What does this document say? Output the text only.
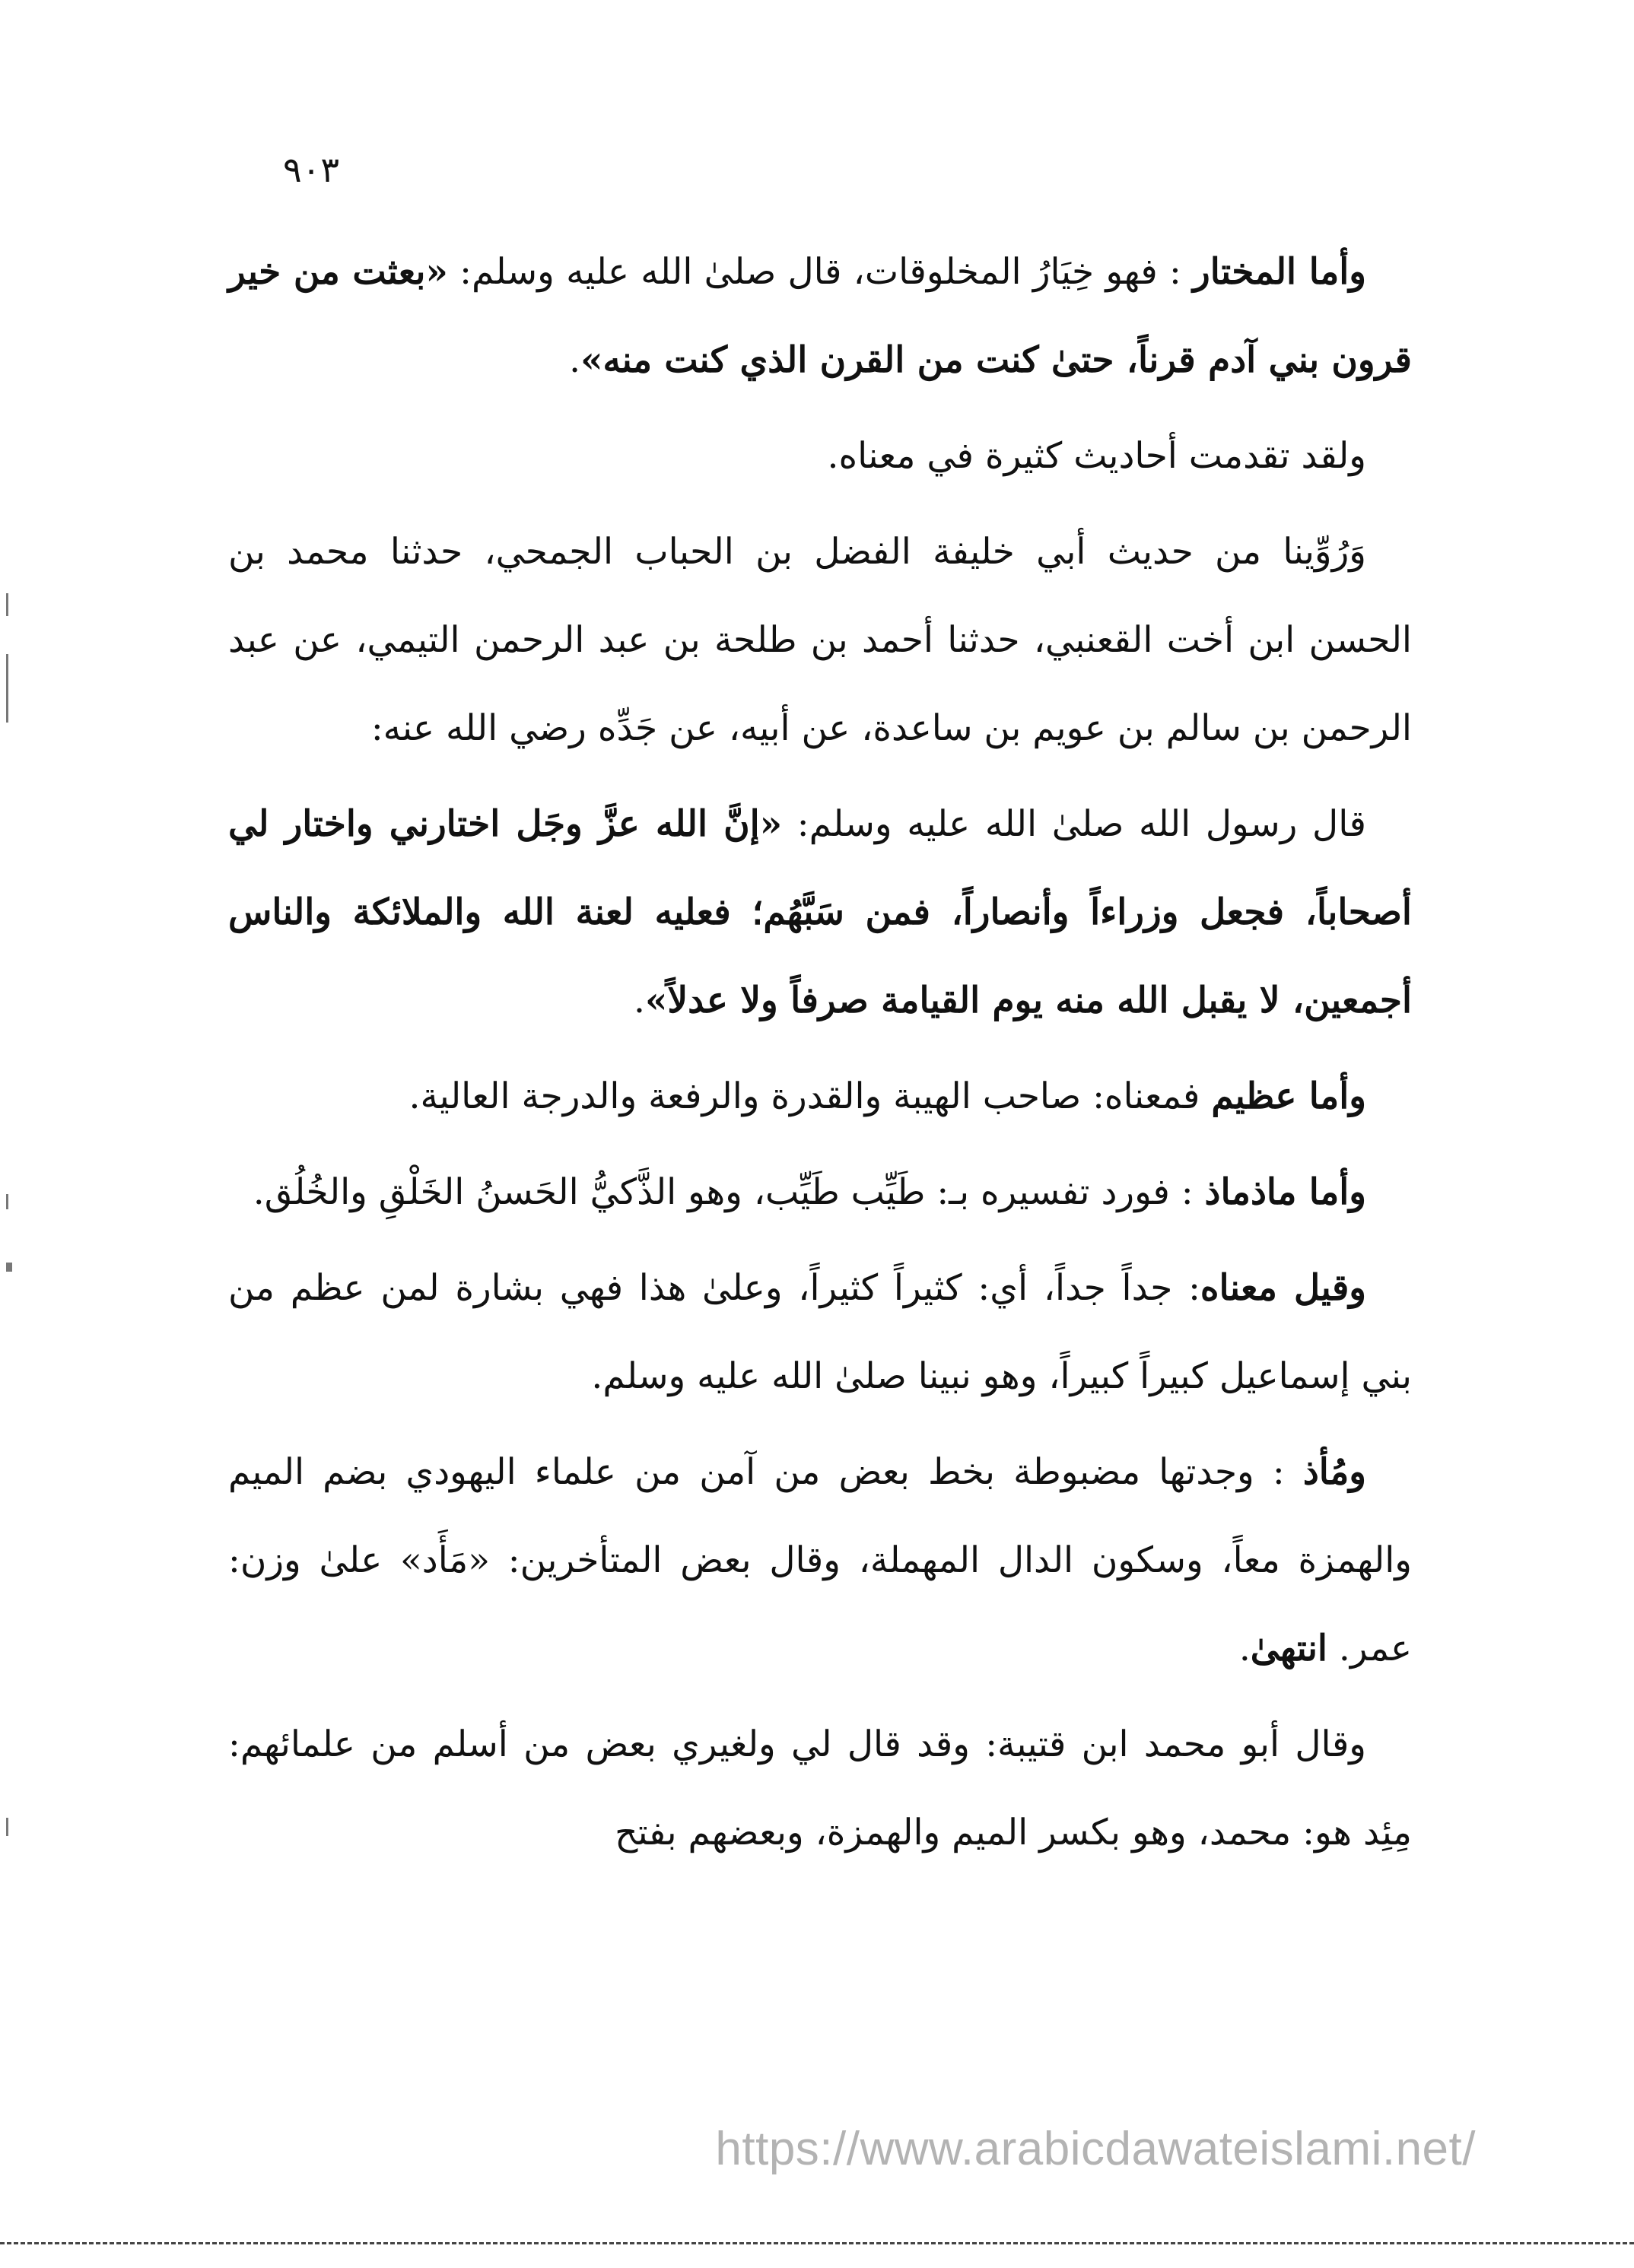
٩٠٣

وأما المختار : فهو خِيَارُ المخلوقات، قال صلىٰ الله عليه وسلم: «بعثت من خير قرون بني آدم قرناً، حتىٰ كنت من القرن الذي كنت منه».

ولقد تقدمت أحاديث كثيرة في معناه.

وَرُوِّينا من حديث أبي خليفة الفضل بن الحباب الجمحي، حدثنا محمد بن الحسن ابن أخت القعنبي، حدثنا أحمد بن طلحة بن عبد الرحمن التيمي، عن عبد الرحمن بن سالم بن عويم بن ساعدة، عن أبيه، عن جَدِّه رضي الله عنه:

قال رسول الله صلىٰ الله عليه وسلم: «إنَّ الله عزَّ وجَل اختارني واختار لي أصحاباً، فجعل وزراءاً وأنصاراً، فمن سَبَّهُم؛ فعليه لعنة الله والملائكة والناس أجمعين، لا يقبل الله منه يوم القيامة صرفاً ولا عدلاً».

وأما عظيم فمعناه: صاحب الهيبة والقدرة والرفعة والدرجة العالية.

وأما ماذماذ : فورد تفسيره بـ: طَيِّب طَيِّب، وهو الذَّكيُّ الحَسنُ الخَلْقِ والخُلُق.

وقيل معناه: جداً جداً، أي: كثيراً كثيراً، وعلىٰ هذا فهي بشارة لمن عظم من بني إسماعيل كبيراً كبيراً، وهو نبينا صلىٰ الله عليه وسلم.

ومُأذ : وجدتها مضبوطة بخط بعض من آمن من علماء اليهودي بضم الميم والهمزة معاً، وسكون الدال المهملة، وقال بعض المتأخرين: «مَأَد» علىٰ وزن: عمر. انتهىٰ.

وقال أبو محمد ابن قتيبة: وقد قال لي ولغيري بعض من أسلم من علمائهم: مِئِد هو: محمد، وهو بكسر الميم والهمزة، وبعضهم بفتح

https://www.arabicdawateislami.net/
